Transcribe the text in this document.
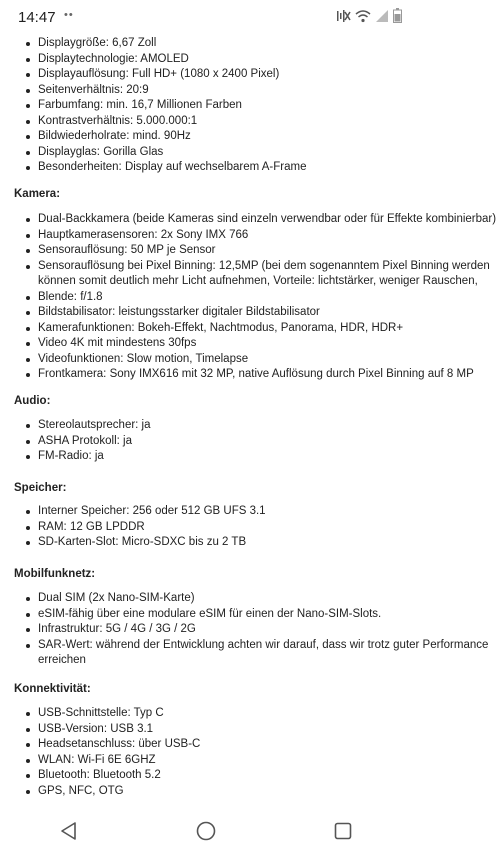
14:47 ••
Displaygröße: 6,67 Zoll
Displaytechnologie: AMOLED
Displayauflösung: Full HD+ (1080 x 2400 Pixel)
Seitenverhältnis: 20:9
Farbumfang: min. 16,7 Millionen Farben
Kontrastverhältnis: 5.000.000:1
Bildwiederholrate: mind. 90Hz
Displayglas: Gorilla Glas
Besonderheiten: Display auf wechselbarem A-Frame
Kamera:
Dual-Backkamera (beide Kameras sind einzeln verwendbar oder für Effekte kombinierbar)
Hauptkamerasensoren: 2x Sony IMX 766
Sensorauflösung: 50 MP je Sensor
Sensorauflösung bei Pixel Binning: 12,5MP (bei dem sogenanntem Pixel Binning werden
können somit deutlich mehr Licht aufnehmen, Vorteile: lichtstärker, weniger Rauschen,
Blende: f/1.8
Bildstabilisator: leistungsstarker digitaler Bildstabilisator
Kamerafunktionen: Bokeh-Effekt, Nachtmodus, Panorama, HDR, HDR+
Video 4K mit mindestens 30fps
Videofunktionen: Slow motion, Timelapse
Frontkamera: Sony IMX616 mit 32 MP, native Auflösung durch Pixel Binning auf 8 MP
Audio:
Stereolautsprecher: ja
ASHA Protokoll: ja
FM-Radio: ja
Speicher:
Interner Speicher: 256 oder 512 GB UFS 3.1
RAM: 12 GB LPDDR
SD-Karten-Slot: Micro-SDXC bis zu 2 TB
Mobilfunknetz:
Dual SIM (2x Nano-SIM-Karte)
eSIM-fähig über eine modulare eSIM für einen der Nano-SIM-Slots.
Infrastruktur: 5G / 4G / 3G / 2G
SAR-Wert: während der Entwicklung achten wir darauf, dass wir trotz guter Performance
erreichen
Konnektivität:
USB-Schnittstelle: Typ C
USB-Version: USB 3.1
Headsetanschluss: über USB-C
WLAN: Wi-Fi 6E 6GHZ
Bluetooth: Bluetooth 5.2
GPS, NFC, OTG
